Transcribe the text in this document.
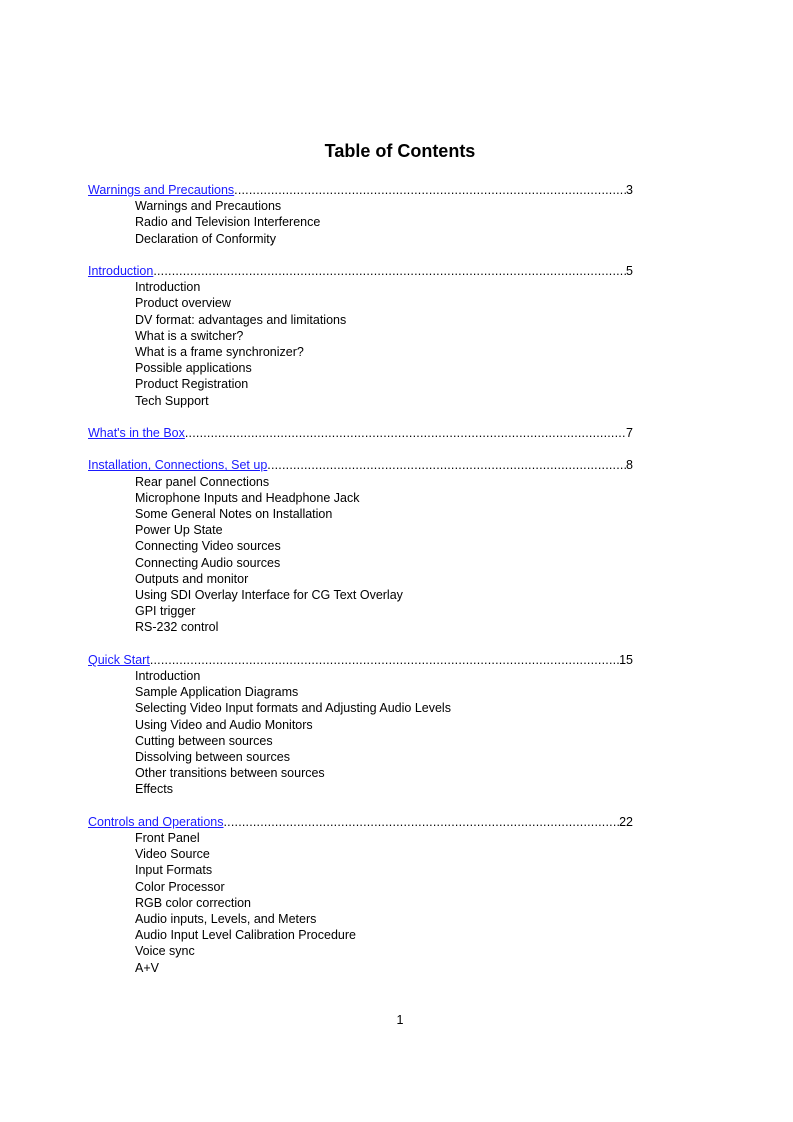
Table of Contents
Warnings and Precautions .....	3
Warnings and Precautions
Radio and Television Interference
Declaration of Conformity
Introduction .....	5
Introduction
Product overview
DV format: advantages and limitations
What is a switcher?
What is a frame synchronizer?
Possible applications
Product Registration
Tech Support
What's in the Box .....	7
Installation, Connections, Set up .....	8
Rear panel Connections
Microphone Inputs and Headphone Jack
Some General Notes on Installation
Power Up State
Connecting Video sources
Connecting Audio sources
Outputs and monitor
Using SDI Overlay Interface for CG Text Overlay
GPI trigger
RS-232 control
Quick Start .....	15
Introduction
Sample Application Diagrams
Selecting Video Input formats and Adjusting Audio Levels
Using Video and Audio Monitors
Cutting between sources
Dissolving between sources
Other transitions between sources
Effects
Controls and Operations .....	22
Front Panel
Video Source
Input Formats
Color Processor
RGB color correction
Audio inputs, Levels, and Meters
Audio Input Level Calibration Procedure
Voice sync
A+V
1
